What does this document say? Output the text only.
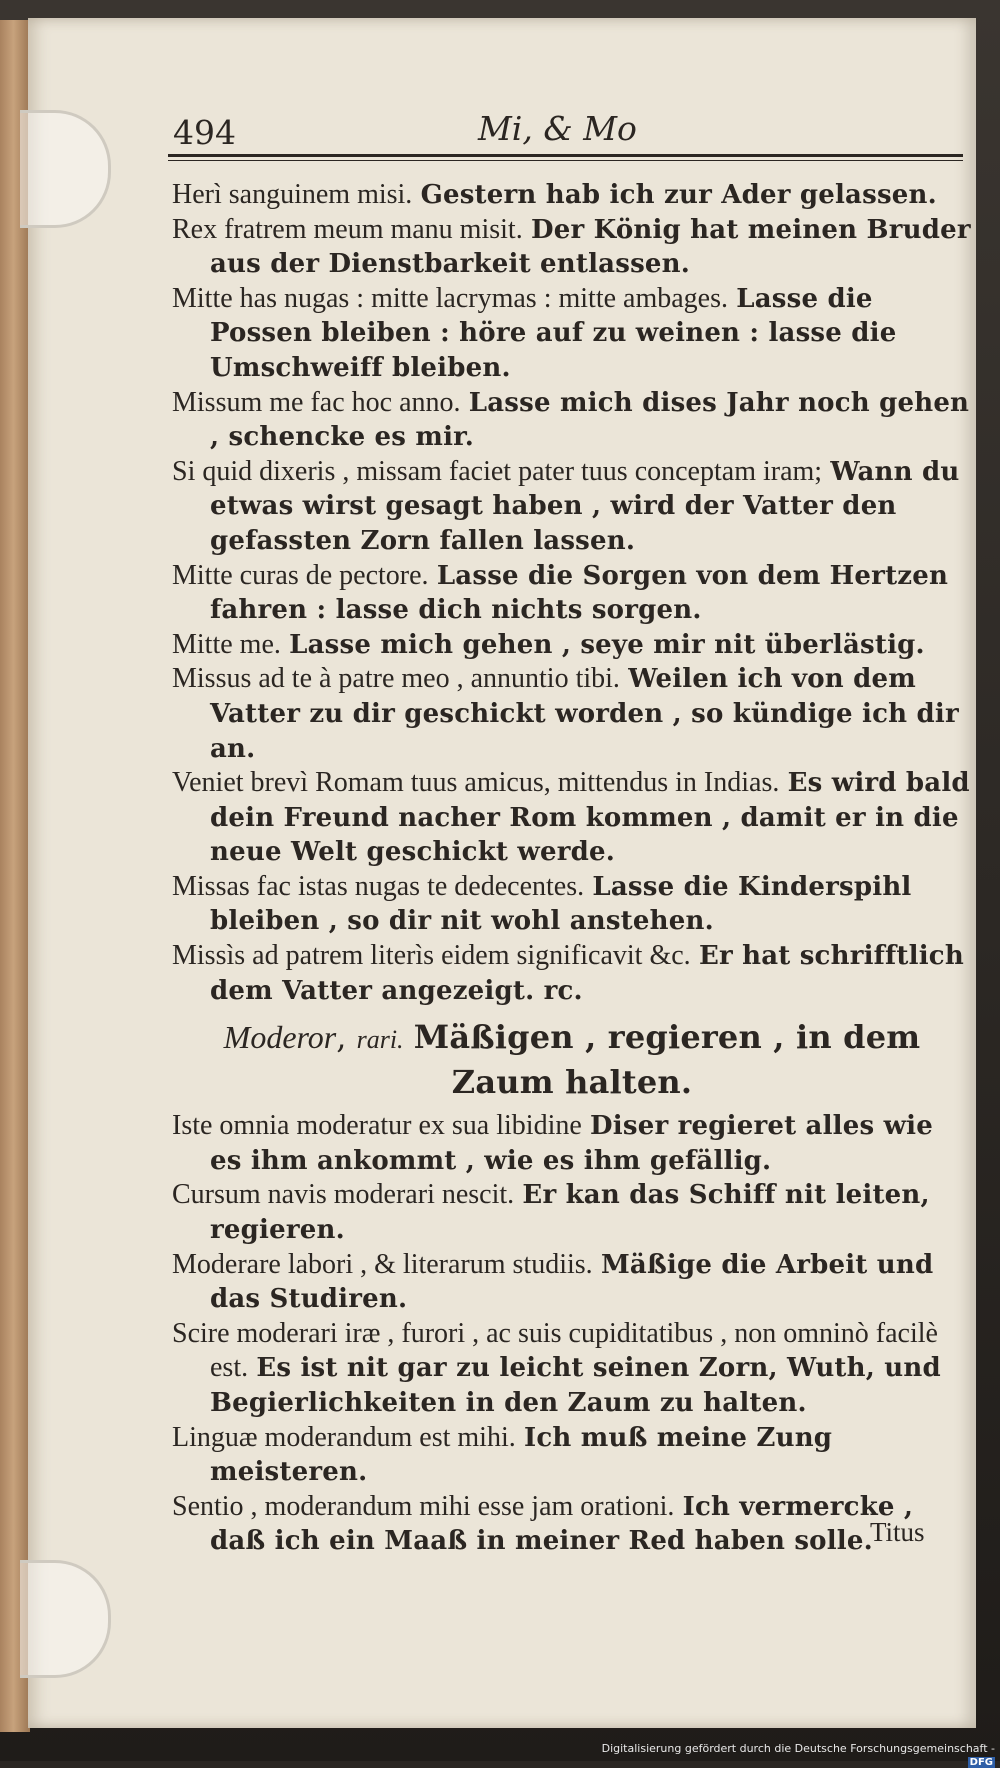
494	Mi, & Mo

Herì sanguinem misi. Gestern hab ich zur Ader gelassen.

Rex fratrem meum manu misit. Der König hat meinen Bruder aus der Dienstbarkeit entlassen.

Mitte has nugas : mitte lacrymas : mitte ambages. Lasse die Possen bleiben : höre auf zu weinen : lasse die Umschweiff bleiben.

Missum me fac hoc anno. Lasse mich dises Jahr noch gehen , schencke es mir.

Si quid dixeris , missam faciet pater tuus conceptam iram; Wann du etwas wirst gesagt haben , wird der Vatter den gefassten Zorn fallen lassen.

Mitte curas de pectore. Lasse die Sorgen von dem Hertzen fahren : lasse dich nichts sorgen.

Mitte me. Lasse mich gehen , seye mir nit überlästig.

Missus ad te à patre meo , annuntio tibi. Weilen ich von dem Vatter zu dir geschickt worden , so kündige ich dir an.

Veniet brevì Romam tuus amicus, mittendus in Indias. Es wird bald dein Freund nacher Rom kommen , damit er in die neue Welt geschickt werde.

Missas fac istas nugas te dedecentes. Lasse die Kinderspihl bleiben , so dir nit wohl anstehen.

Missìs ad patrem literìs eidem significavit &c. Er hat schrifftlich dem Vatter angezeigt. rc.

Moderor, rari. Mäßigen , regieren , in dem Zaum halten.

Iste omnia moderatur ex sua libidine Diser regieret alles wie es ihm ankommt , wie es ihm gefällig.

Cursum navis moderari nescit. Er kan das Schiff nit leiten, regieren.

Moderare labori , & literarum studiis. Mäßige die Arbeit und das Studiren.

Scire moderari iræ , furori , ac suis cupiditatibus , non omninò facilè est. Es ist nit gar zu leicht seinen Zorn, Wuth, und Begierlichkeiten in den Zaum zu halten.

Linguæ moderandum est mihi. Ich muß meine Zung meisteren.

Sentio , moderandum mihi esse jam orationi. Ich vermercke , daß ich ein Maaß in meiner Red haben solle.

Titus
Digitalisierung gefördert durch die Deutsche Forschungsgemeinschaft -DFG
